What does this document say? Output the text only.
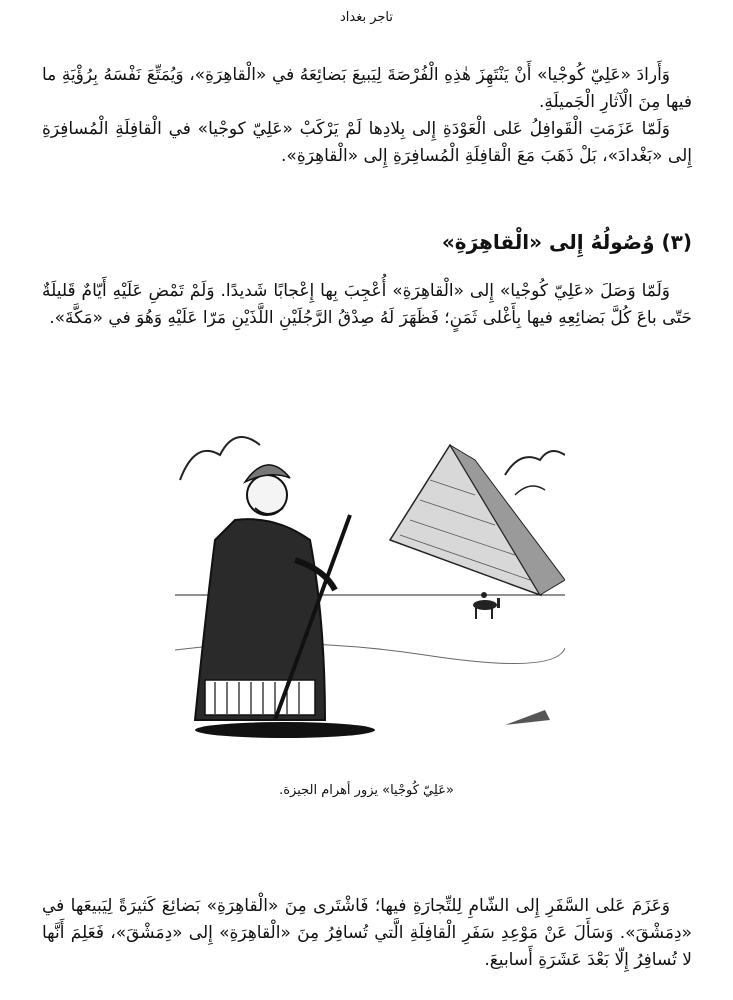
تاجر بغداد

وَأَرادَ «عَلِيّ كُوجْيا» أَنْ يَنْتَهِزَ هٰذِهِ الْفُرْصَةَ لِيَبيعَ بَضائِعَهُ في «الْقاهِرَةِ»، وَيُمَتِّعَ نَفْسَهُ بِرُؤْيَةِ ما فيها مِنَ الْآثارِ الْجَميلَةِ.

وَلَمّا عَزَمَتِ الْقَوافِلُ عَلى الْعَوْدَةِ إِلى بِلادِها لَمْ يَرْكَبْ «عَلِيّ كوجْيا» في الْقافِلَةِ الْمُسافِرَةِ إِلى «بَغْدادَ»، بَلْ ذَهَبَ مَعَ الْقافِلَةِ الْمُسافِرَةِ إِلى «الْقاهِرَةِ».

(٣) وُصُولُهُ إِلى «الْقاهِرَةِ»

وَلَمّا وَصَلَ «عَلِيّ كُوجْيا» إِلى «الْقاهِرَةِ» أُعْجِبَ بِها إِعْجابًا شَديدًا. وَلَمْ تَمْضِ عَلَيْهِ أَيّامٌ قَليلَةٌ حَتّى باعَ كُلَّ بَضائِعِهِ فيها بِأَغْلى ثَمَنٍ؛ فَظَهَرَ لَهُ صِدْقُ الرَّجُلَيْنِ اللَّذَيْنِ مَرّا عَلَيْهِ وَهُوَ في «مَكَّةَ».

«عَلِيّ كُوجْيا» يزور أهرام الجيزة.

وَعَزَمَ عَلى السَّفَرِ إِلى الشّامِ لِلتِّجارَةِ فيها؛ فَاشْتَرى مِنَ «الْقاهِرَةِ» بَضائِعَ كَثيرَةً لِيَبيعَها في «دِمَشْقَ». وَسَأَلَ عَنْ مَوْعِدِ سَفَرِ الْقافِلَةِ الَّتي تُسافِرُ مِنَ «الْقاهِرَةِ» إِلى «دِمَشْقَ»، فَعَلِمَ أَنَّها لا تُسافِرُ إِلّا بَعْدَ عَشَرَةِ أَسابيعَ.
